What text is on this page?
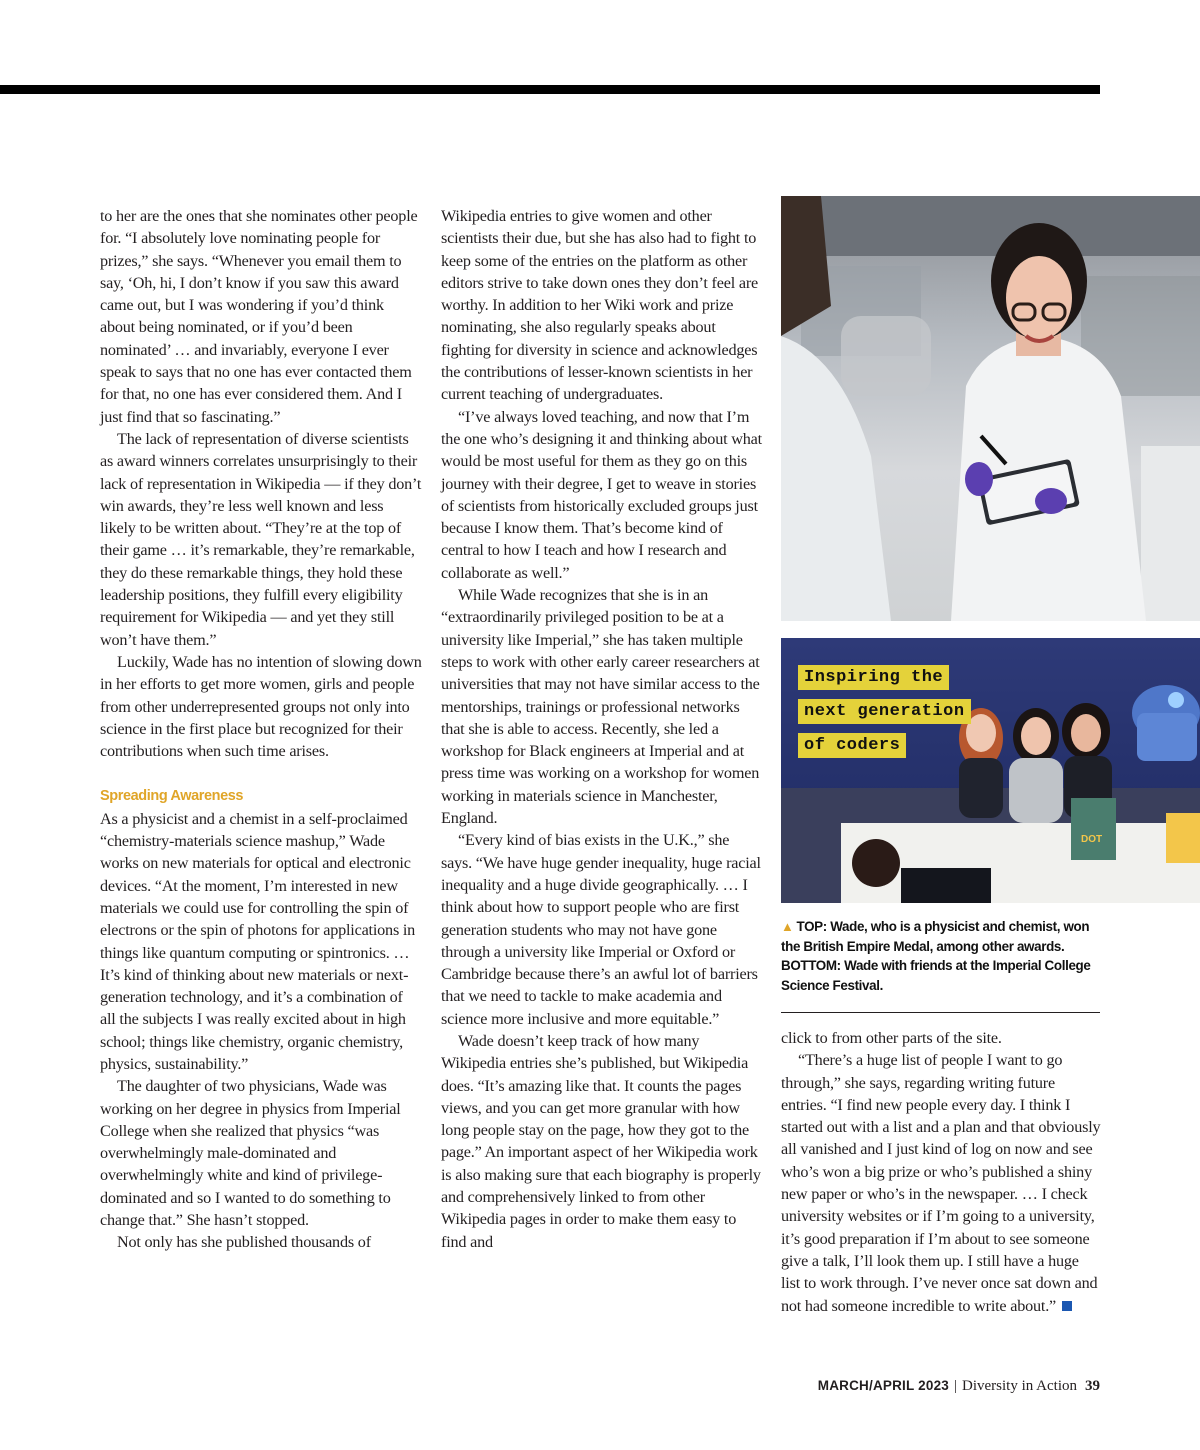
to her are the ones that she nominates other people for. “I absolutely love nominating people for prizes,” she says. “Whenever you email them to say, ‘Oh, hi, I don’t know if you saw this award came out, but I was wondering if you’d think about being nominated, or if you’d been nominated’ … and invariably, everyone I ever speak to says that no one has ever contacted them for that, no one has ever considered them. And I just find that so fascinating.”

The lack of representation of diverse scientists as award winners correlates unsurprisingly to their lack of representation in Wikipedia — if they don’t win awards, they’re less well known and less likely to be written about. “They’re at the top of their game … it’s remarkable, they’re remarkable, they do these remarkable things, they hold these leadership positions, they fulfill every eligibility requirement for Wikipedia — and yet they still won’t have them.”

Luckily, Wade has no intention of slowing down in her efforts to get more women, girls and people from other underrepresented groups not only into science in the first place but recognized for their contributions when such time arises.

Spreading Awareness

As a physicist and a chemist in a self-proclaimed “chemistry-materials science mashup,” Wade works on new materials for optical and electronic devices. “At the moment, I’m interested in new materials we could use for controlling the spin of electrons or the spin of photons for applications in things like quantum computing or spintronics. … It’s kind of thinking about new materials or next-generation technology, and it’s a combination of all the subjects I was really excited about in high school; things like chemistry, organic chemistry, physics, sustainability.”

The daughter of two physicians, Wade was working on her degree in physics from Imperial College when she realized that physics “was overwhelmingly male-dominated and overwhelmingly white and kind of privilege-dominated and so I wanted to do something to change that.” She hasn’t stopped.

Not only has she published thousands of

Wikipedia entries to give women and other scientists their due, but she has also had to fight to keep some of the entries on the platform as other editors strive to take down ones they don’t feel are worthy. In addition to her Wiki work and prize nominating, she also regularly speaks about fighting for diversity in science and acknowledges the contributions of lesser-known scientists in her current teaching of undergraduates.

“I’ve always loved teaching, and now that I’m the one who’s designing it and thinking about what would be most useful for them as they go on this journey with their degree, I get to weave in stories of scientists from historically excluded groups just because I know them. That’s become kind of central to how I teach and how I research and collaborate as well.”

While Wade recognizes that she is in an “extraordinarily privileged position to be at a university like Imperial,” she has taken multiple steps to work with other early career researchers at universities that may not have similar access to the mentorships, trainings or professional networks that she is able to access. Recently, she led a workshop for Black engineers at Imperial and at press time was working on a workshop for women working in materials science in Manchester, England.

“Every kind of bias exists in the U.K.,” she says. “We have huge gender inequality, huge racial inequality and a huge divide geographically. … I think about how to support people who are first generation students who may not have gone through a university like Imperial or Oxford or Cambridge because there’s an awful lot of barriers that we need to tackle to make academia and science more inclusive and more equitable.”

Wade doesn’t keep track of how many Wikipedia entries she’s published, but Wikipedia does. “It’s amazing like that. It counts the pages views, and you can get more granular with how long people stay on the page, how they got to the page.” An important aspect of her Wikipedia work is also making sure that each biography is properly and comprehensively linked to from other Wikipedia pages in order to make them easy to find and

Inspiring the
next generation
of coders
DOT
▲ TOP: Wade, who is a physicist and chemist, won the British Empire Medal, among other awards. BOTTOM: Wade with friends at the Imperial College Science Festival.

click to from other parts of the site.

“There’s a huge list of people I want to go through,” she says, regarding writing future entries. “I find new people every day. I think I started out with a list and a plan and that obviously all vanished and I just kind of log on now and see who’s won a big prize or who’s published a shiny new paper or who’s in the newspaper. … I check university websites or if I’m going to a university, it’s good preparation if I’m about to see someone give a talk, I’ll look them up. I still have a huge list to work through. I’ve never once sat down and not had someone incredible to write about.”

MARCH/APRIL 2023 | Diversity in Action 39
